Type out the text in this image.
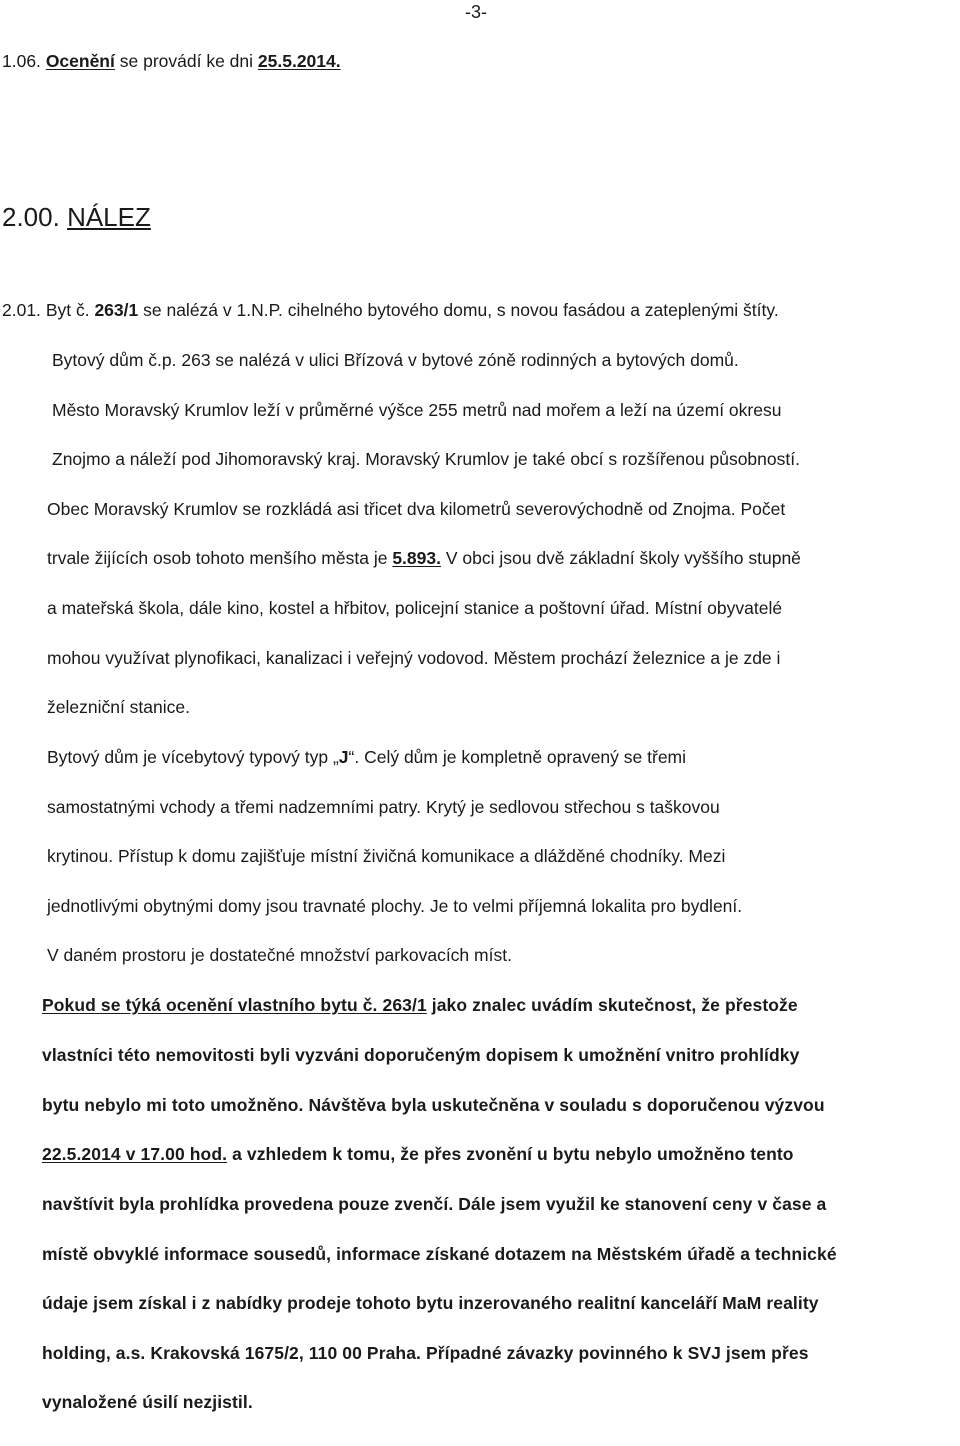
-3-
1.06. Ocenění se provádí ke dni 25.5.2014.
2.00. NÁLEZ
2.01. Byt č. 263/1 se nalézá v 1.N.P. cihelného bytového domu, s novou fasádou a zateplenými štíty.
Bytový dům č.p. 263 se nalézá v ulici Břízová v bytové zóně rodinných a bytových domů.
Město Moravský Krumlov leží v průměrné výšce 255 metrů nad mořem a leží na území okresu
Znojmo a náleží pod Jihomoravský kraj. Moravský Krumlov je také obcí s rozšířenou působností.
Obec Moravský Krumlov se rozkládá asi třicet dva kilometrů severovýchodně od Znojma. Počet
trvale žijících osob tohoto menšího města je 5.893. V obci jsou dvě základní školy vyššího stupně
a mateřská škola, dále kino, kostel a hřbitov, policejní stanice a poštovní úřad. Místní obyvatelé
mohou využívat plynofikaci, kanalizaci i veřejný vodovod. Městem prochází železnice a je zde i
železniční stanice.
Bytový dům je vícebytový typový typ „J“. Celý dům je kompletně opravený se třemi
samostatnými vchody a třemi nadzemními patry. Krytý je sedlovou střechou s taškovou
krytinou. Přístup k domu zajišťuje místní živičná komunikace a dlážděné chodníky. Mezi
jednotlivými obytnými domy jsou travnaté plochy. Je to velmi příjemná lokalita pro bydlení.
V daném prostoru je dostatečné množství parkovacích míst.
Pokud se týká ocenění vlastního bytu č. 263/1 jako znalec uvádím skutečnost, že přestože
vlastníci této nemovitosti byli vyzváni doporučeným dopisem k umožnění vnitro prohlídky
bytu nebylo mi toto umožněno. Návštěva byla uskutečněna v souladu s doporučenou výzvou
22.5.2014 v 17.00 hod. a vzhledem k tomu, že přes zvonění u bytu nebylo umožněno tento
navštívit byla prohlídka provedena pouze zvenčí. Dále jsem využil ke stanovení ceny v čase a
místě obvyklé informace sousedů, informace získané dotazem na Městském úřadě a technické
údaje jsem získal i z nabídky prodeje tohoto bytu inzerovaného realitní kanceláří MaM reality
holding, a.s. Krakovská 1675/2, 110 00 Praha. Případné závazky povinného k SVJ jsem přes
vynaložené úsilí nezjistil.
